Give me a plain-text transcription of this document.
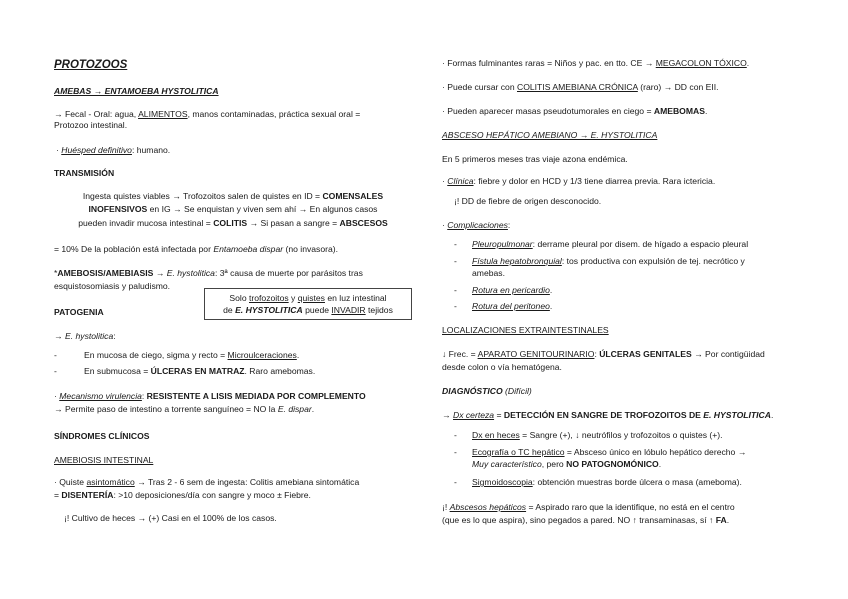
PROTOZOOS
AMEBAS → ENTAMOEBA HYSTOLITICA
→ Fecal - Oral: agua, ALIMENTOS, manos contaminadas, práctica sexual oral =
Protozoo intestinal.
· Huésped definitivo: humano.
TRANSMISIÓN
Ingesta quistes viables → Trofozoitos salen de quistes en ID = COMENSALES
INOFENSIVOS en IG → Se enquistan y viven sem ahí → En algunos casos
pueden invadir mucosa intestinal = COLITIS → Si pasan a sangre = ABSCESOS
= 10% De la población está infectada por Entamoeba dispar (no invasora).
*AMEBOSIS/AMEBIASIS → E. hystolitica: 3ª causa de muerte por parásitos tras
esquistosomiasis y paludismo.
PATOGENIA
→ E. hystolitica:
-	En mucosa de ciego, sigma y recto = Microulceraciones.
-	En submucosa = ÚLCERAS EN MATRAZ. Raro amebomas.
· Mecanismo virulencia: RESISTENTE A LISIS MEDIADA POR COMPLEMENTO
→ Permite paso de intestino a torrente sanguíneo = NO la E. dispar.
SÍNDROMES CLÍNICOS
AMEBIOSIS INTESTINAL
· Quiste asintomático → Tras 2 - 6 sem de ingesta: Colitis amebiana sintomática
= DISENTERÍA: >10 deposiciones/día con sangre y moco ± Fiebre.
¡! Cultivo de heces → (+) Casi en el 100% de los casos.
Solo trofozoitos y quistes en luz intestinal
de E. HYSTOLITICA puede INVADIR tejidos
· Formas fulminantes raras = Niños y pac. en tto. CE → MEGACOLON TÓXICO.
· Puede cursar con COLITIS AMEBIANA CRÓNICA (raro) → DD con EII.
· Pueden aparecer masas pseudotumorales en ciego = AMEBOMAS.
ABSCESO HEPÁTICO AMEBIANO → E. HYSTOLITICA
En 5 primeros meses tras viaje azona endémica.
· Clínica: fiebre y dolor en HCD y 1/3 tiene diarrea previa. Rara ictericia.
¡! DD de fiebre de origen desconocido.
· Complicaciones:
-	Pleuropulmonar: derrame pleural por disem. de hígado a espacio pleural
-	Fístula hepatobronquial: tos productiva con expulsión de tej. necrótico y
amebas.
-	Rotura en pericardio.
-	Rotura del peritoneo.
LOCALIZACIONES EXTRAINTESTINALES
↓ Frec. = APARATO GENITOURINARIO: ÚLCERAS GENITALES → Por contigüidad
desde colon o vía hematógena.
DIAGNÓSTICO (Difícil)
→ Dx certeza = DETECCIÓN EN SANGRE DE TROFOZOITOS DE E. HYSTOLITICA.
-	Dx en heces = Sangre (+), ↓ neutrófilos y trofozoitos o quistes (+).
-	Ecografía o TC hepático = Absceso único en lóbulo hepático derecho →
Muy característico, pero NO PATOGNOMÓNICO.
-	Sigmoidoscopia: obtención muestras borde úlcera o masa (ameboma).
¡! Abscesos hepáticos = Aspirado raro que la identifique, no está en el centro
(que es lo que aspira), sino pegados a pared. NO ↑ transaminasas, sí ↑ FA.
